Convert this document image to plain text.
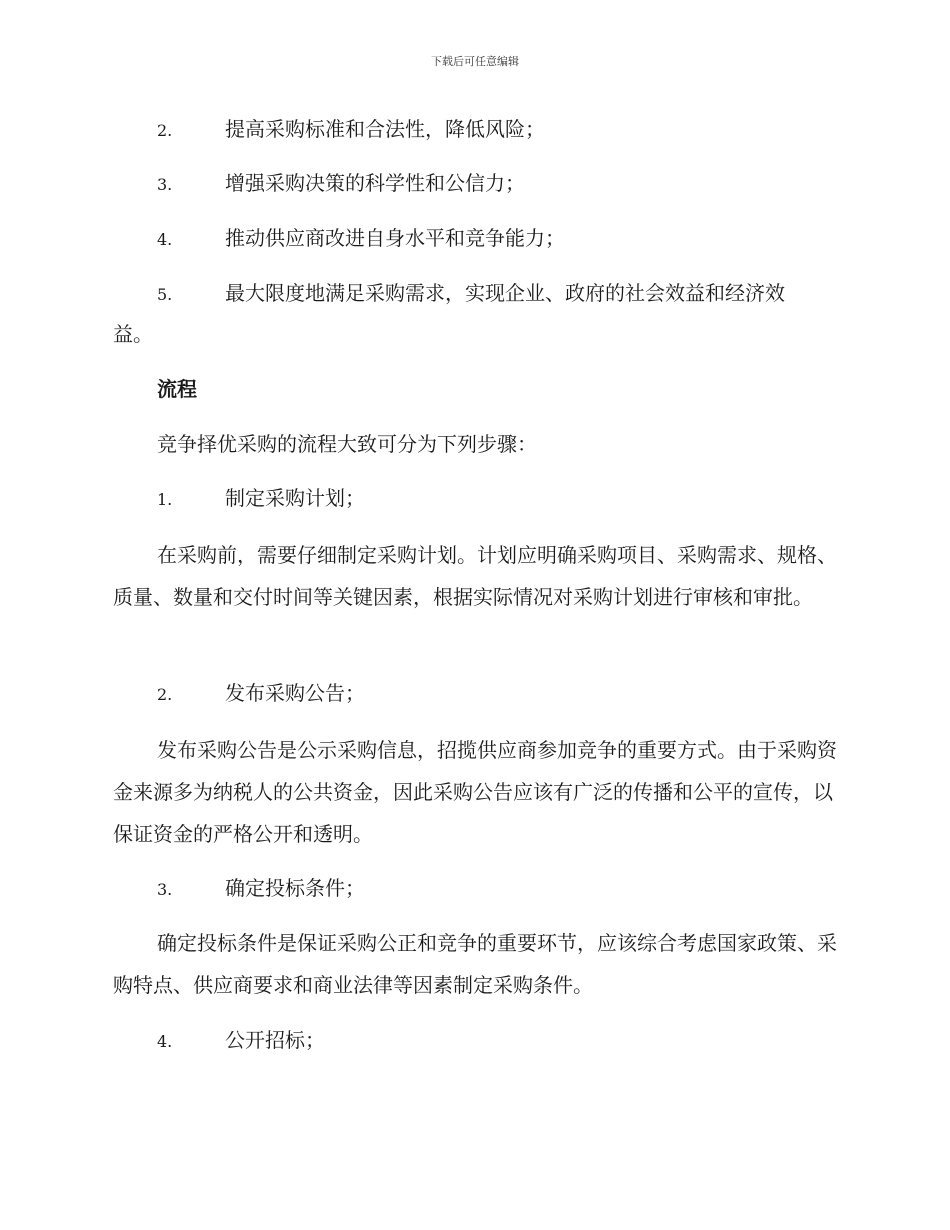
下载后可任意编辑
2.	提高采购标准和合法性，降低风险；
3.	增强采购决策的科学性和公信力；
4.	推动供应商改进自身水平和竞争能力；
5.	最大限度地满足采购需求，实现企业、政府的社会效益和经济效
益。
流程
竞争择优采购的流程大致可分为下列步骤：
1.	制定采购计划；

在采购前，需要仔细制定采购计划。计划应明确采购项目、采购需求、规格、质量、数量和交付时间等关键因素，根据实际情况对采购计划进行审核和审批。

2.	发布采购公告；

发布采购公告是公示采购信息，招揽供应商参加竞争的重要方式。由于采购资金来源多为纳税人的公共资金，因此采购公告应该有广泛的传播和公平的宣传，以保证资金的严格公开和透明。

3.	确定投标条件；

确定投标条件是保证采购公正和竞争的重要环节，应该综合考虑国家政策、采购特点、供应商要求和商业法律等因素制定采购条件。

4.	公开招标；
